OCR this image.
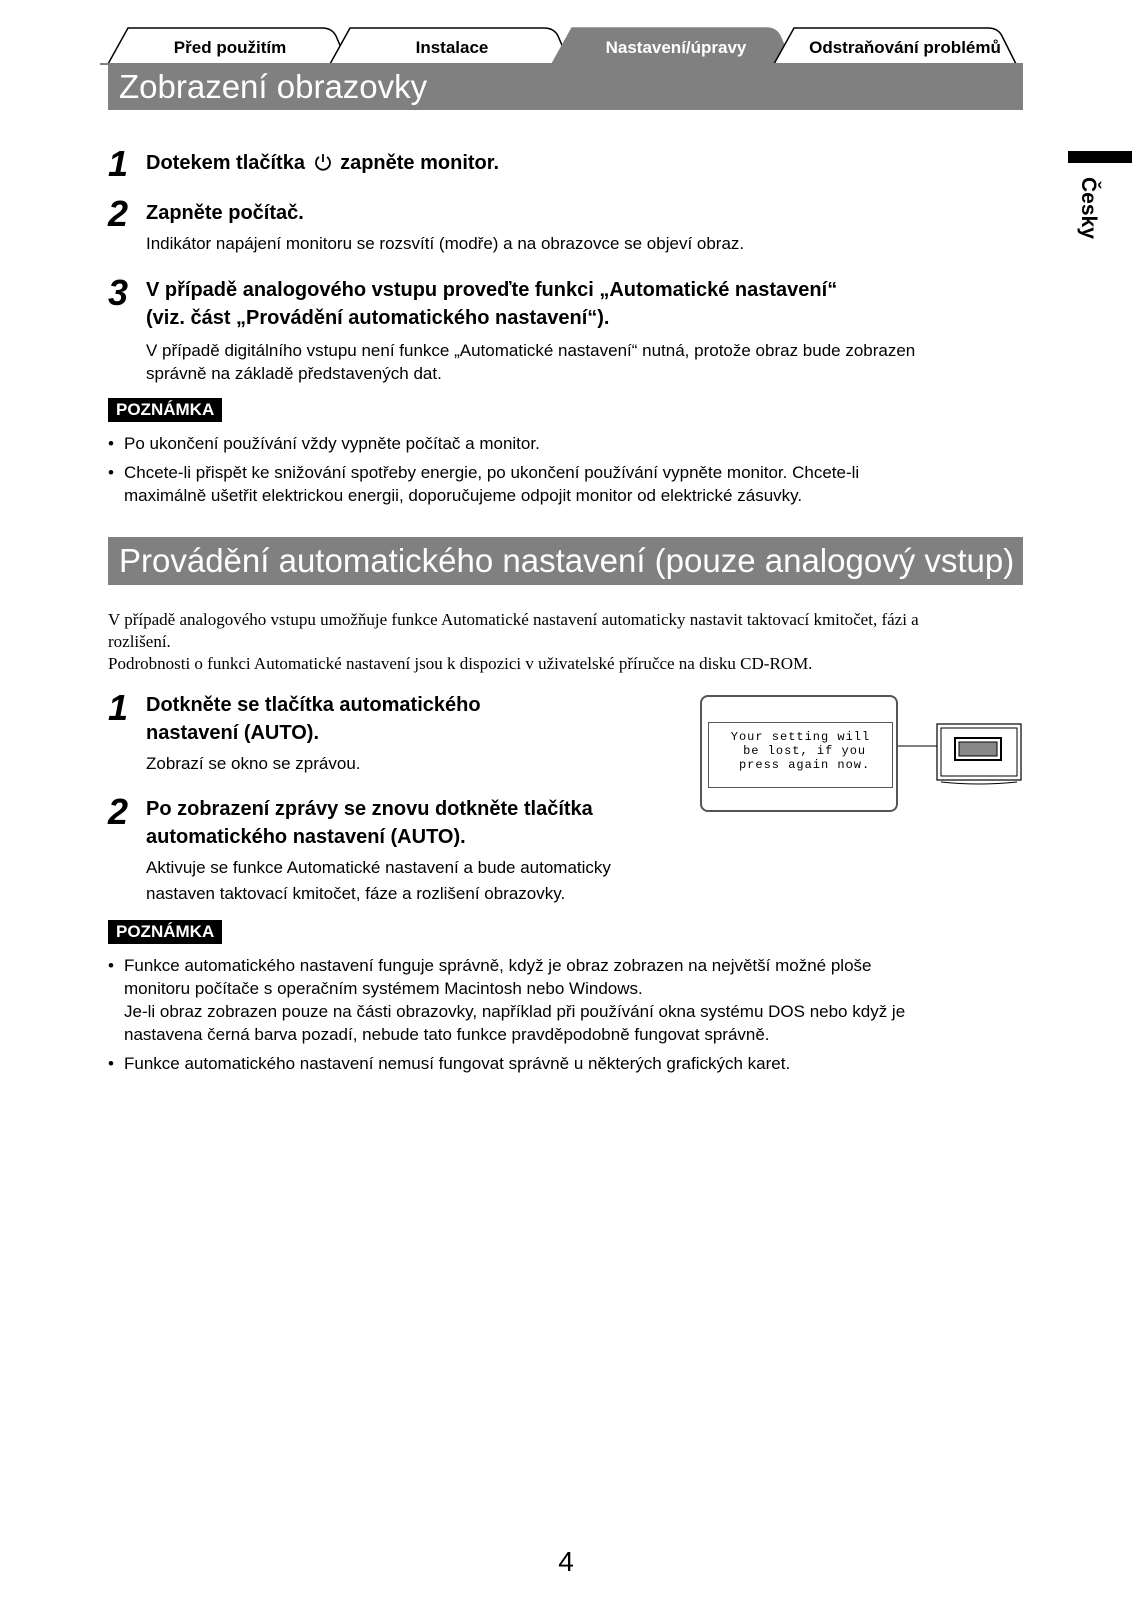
Před použitím	Instalace	Nastavení/úpravy	Odstraňování problémů
Česky
Zobrazení obrazovky
1 Dotekem tlačítka zapněte monitor.
2 Zapněte počítač.
Indikátor napájení monitoru se rozsvítí (modře) a na obrazovce se objeví obraz.
3 V případě analogového vstupu proveďte funkci „Automatické nastavení“
(viz. část „Provádění automatického nastavení“).
V případě digitálního vstupu není funkce „Automatické nastavení“ nutná, protože obraz bude zobrazen
správně na základě představených dat.
POZNÁMKA
• Po ukončení používání vždy vypněte počítač a monitor.
• Chcete-li přispět ke snižování spotřeby energie, po ukončení používání vypněte monitor. Chcete-li
maximálně ušetřit elektrickou energii, doporučujeme odpojit monitor od elektrické zásuvky.
Provádění automatického nastavení (pouze analogový vstup)
V případě analogového vstupu umožňuje funkce Automatické nastavení automaticky nastavit taktovací kmitočet, fázi a
rozlišení.
Podrobnosti o funkci Automatické nastavení jsou k dispozici v uživatelské příručce na disku CD-ROM.
1 Dotkněte se tlačítka automatického
nastavení (AUTO).
Zobrazí se okno se zprávou.
2 Po zobrazení zprávy se znovu dotkněte tlačítka
automatického nastavení (AUTO).
Aktivuje se funkce Automatické nastavení a bude automaticky
nastaven taktovací kmitočet, fáze a rozlišení obrazovky.
Your setting will
be lost, if you
press again now.
POZNÁMKA
• Funkce automatického nastavení funguje správně, když je obraz zobrazen na největší možné ploše
monitoru počítače s operačním systémem Macintosh nebo Windows.
Je-li obraz zobrazen pouze na části obrazovky, například při používání okna systému DOS nebo když je
nastavena černá barva pozadí, nebude tato funkce pravděpodobně fungovat správně.
• Funkce automatického nastavení nemusí fungovat správně u některých grafických karet.
4
